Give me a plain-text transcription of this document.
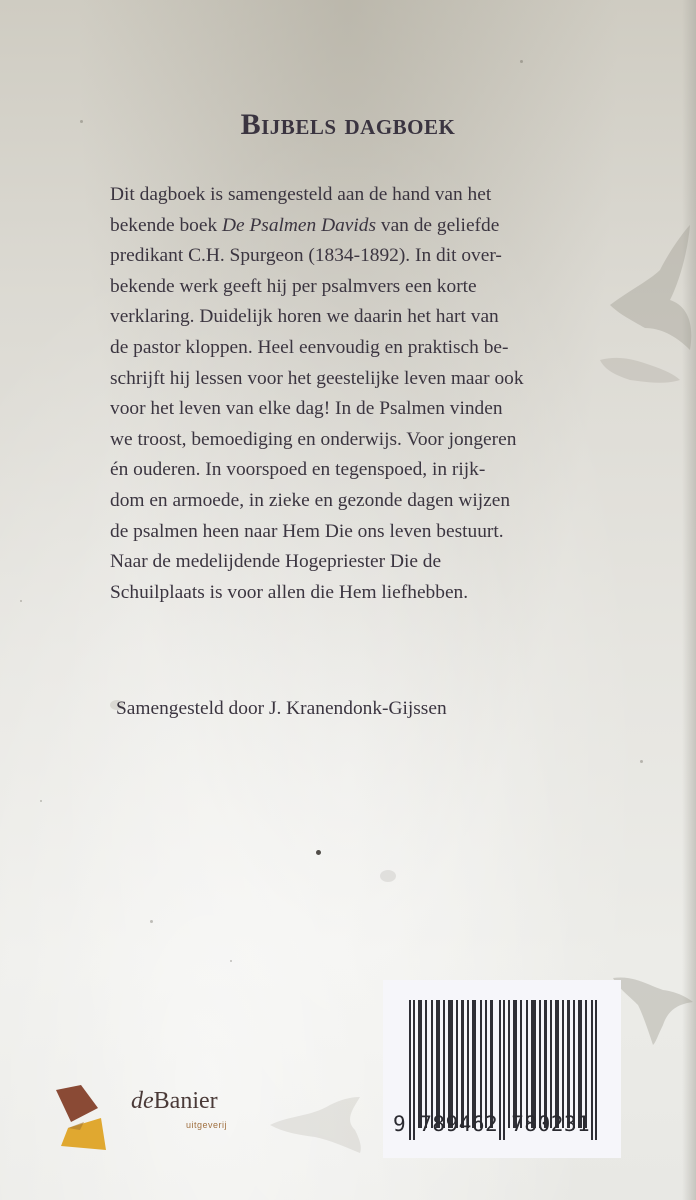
Bijbels dagboek
Dit dagboek is samengesteld aan de hand van het
bekende boek De Psalmen Davids van de geliefde
predikant C.H. Spurgeon (1834-1892). In dit over-
bekende werk geeft hij per psalmvers een korte
verklaring. Duidelijk horen we daarin het hart van
de pastor kloppen. Heel eenvoudig en praktisch be-
schrijft hij lessen voor het geestelijke leven maar ook
voor het leven van elke dag! In de Psalmen vinden
we troost, bemoediging en onderwijs. Voor jongeren
én ouderen. In voorspoed en tegenspoed, in rijk-
dom en armoede, in zieke en gezonde dagen wijzen
de psalmen heen naar Hem Die ons leven bestuurt.
Naar de medelijdende Hogepriester Die de
Schuilplaats is voor allen die Hem liefhebben.
Samengesteld door J. Kranendonk-Gijssen
deBanier
uitgeverij	9 789462 780231
